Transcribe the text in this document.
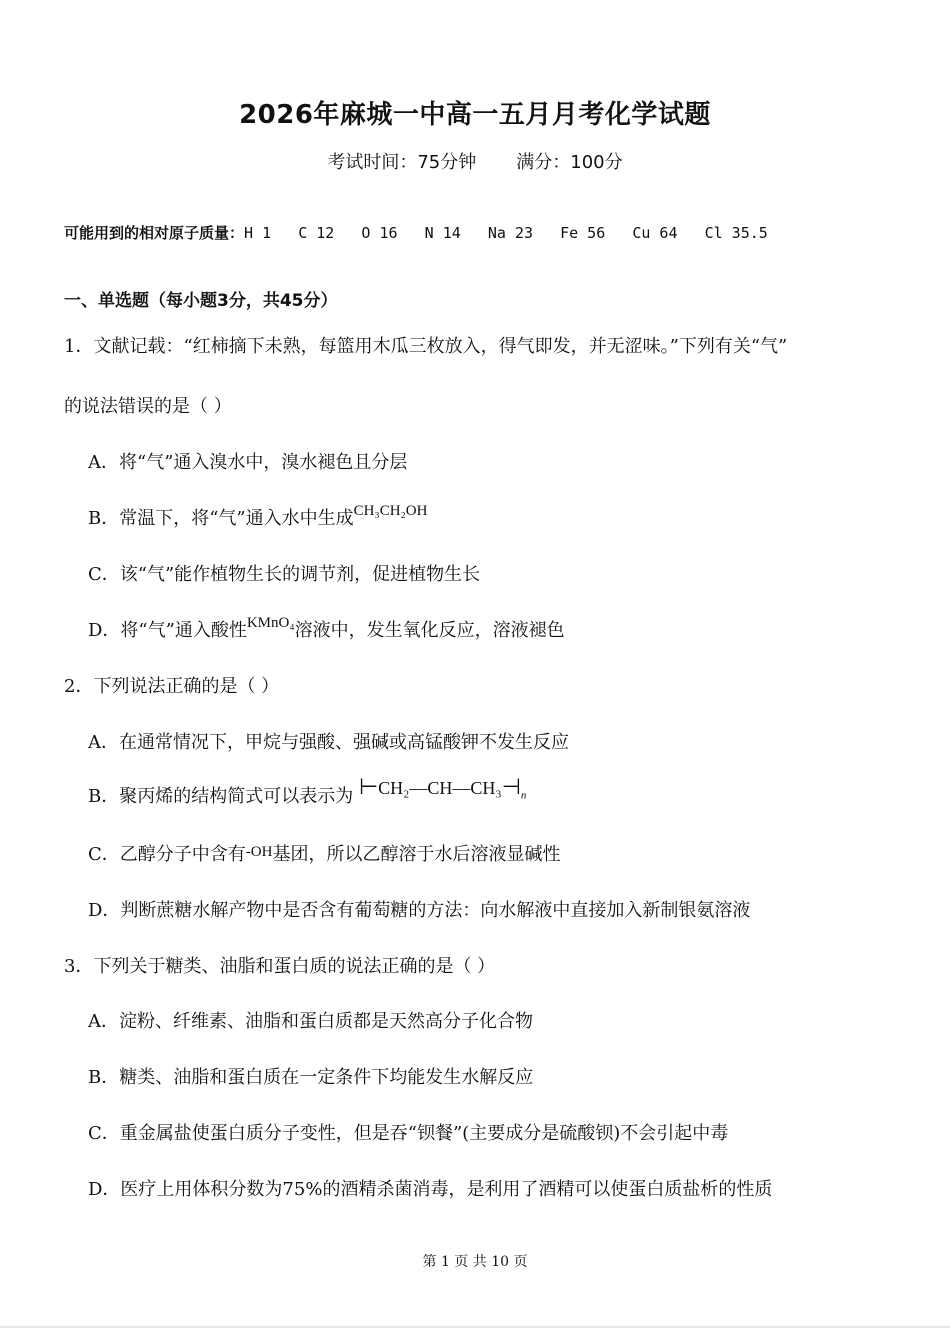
2026年麻城一中高一五月月考化学试题
考试时间：75分钟 满分：100分
可能用到的相对原子质量：H 1   C 12   O 16   N 14   Na 23   Fe 56   Cu 64   Cl 35.5
一、单选题（每小题3分，共45分）
1．文献记载：“红柿摘下未熟，每篮用木瓜三枚放入，得气即发，并无涩味。”下列有关“气”
的说法错误的是（ ）
A．将“气”通入溴水中，溴水褪色且分层
B．常温下，将“气”通入水中生成$^{CH_3CH_2OH}$
C．该“气”能作植物生长的调节剂，促进植物生长
D．将“气”通入酸性$^{KMnO_4}$溶液中，发生氧化反应，溶液褪色
2．下列说法正确的是（ ）
A．在通常情况下，甲烷与强酸、强碱或高锰酸钾不发生反应
B．聚丙烯的结构简式可以表示为 $⊢CH_2—CH—CH_3⊣_n$
C．乙醇分子中含有$^{-OH}$基团，所以乙醇溶于水后溶液显碱性
D．判断蔗糖水解产物中是否含有葡萄糖的方法：向水解液中直接加入新制银氨溶液
3．下列关于糖类、油脂和蛋白质的说法正确的是（ ）
A．淀粉、纤维素、油脂和蛋白质都是天然高分子化合物
B．糖类、油脂和蛋白质在一定条件下均能发生水解反应
C．重金属盐使蛋白质分子变性，但是吞“钡餐”(主要成分是硫酸钡)不会引起中毒
D．医疗上用体积分数为75%的酒精杀菌消毒，是利用了酒精可以使蛋白质盐析的性质
第 1 页 共 10 页
